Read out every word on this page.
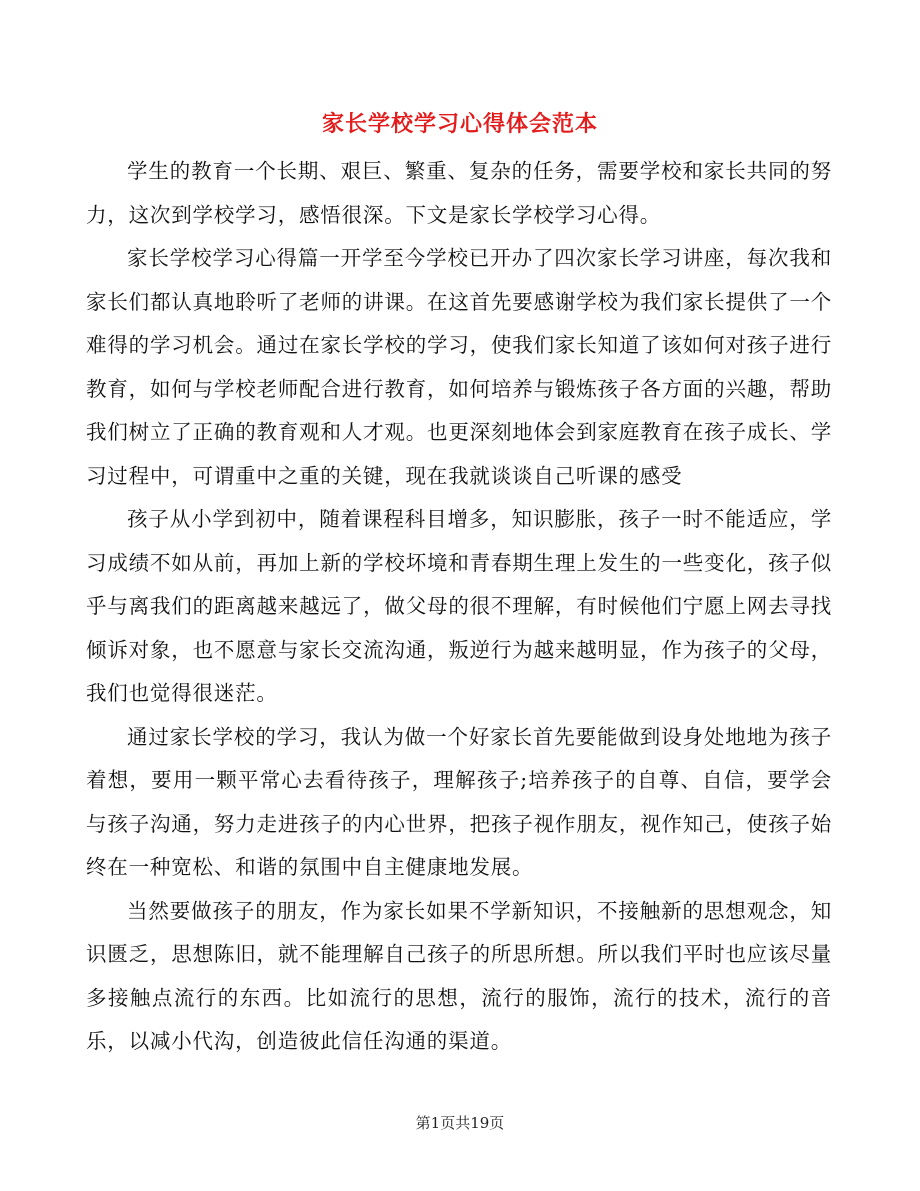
家长学校学习心得体会范本

学生的教育一个长期、艰巨、繁重、复杂的任务，需要学校和家长共同的努力，这次到学校学习，感悟很深。下文是家长学校学习心得。

家长学校学习心得篇一开学至今学校已开办了四次家长学习讲座，每次我和家长们都认真地聆听了老师的讲课。在这首先要感谢学校为我们家长提供了一个难得的学习机会。通过在家长学校的学习，使我们家长知道了该如何对孩子进行教育，如何与学校老师配合进行教育，如何培养与锻炼孩子各方面的兴趣，帮助我们树立了正确的教育观和人才观。也更深刻地体会到家庭教育在孩子成长、学习过程中，可谓重中之重的关键，现在我就谈谈自己听课的感受

孩子从小学到初中，随着课程科目增多，知识膨胀，孩子一时不能适应，学习成绩不如从前，再加上新的学校坏境和青春期生理上发生的一些变化，孩子似乎与离我们的距离越来越远了，做父母的很不理解，有时候他们宁愿上网去寻找倾诉对象，也不愿意与家长交流沟通，叛逆行为越来越明显，作为孩子的父母，我们也觉得很迷茫。

通过家长学校的学习，我认为做一个好家长首先要能做到设身处地地为孩子着想，要用一颗平常心去看待孩子，理解孩子;培养孩子的自尊、自信，要学会与孩子沟通，努力走进孩子的内心世界，把孩子视作朋友，视作知己，使孩子始终在一种宽松、和谐的氛围中自主健康地发展。

当然要做孩子的朋友，作为家长如果不学新知识，不接触新的思想观念，知识匮乏，思想陈旧，就不能理解自己孩子的所思所想。所以我们平时也应该尽量多接触点流行的东西。比如流行的思想，流行的服饰，流行的技术，流行的音乐，以减小代沟，创造彼此信任沟通的渠道。

第1页共19页
